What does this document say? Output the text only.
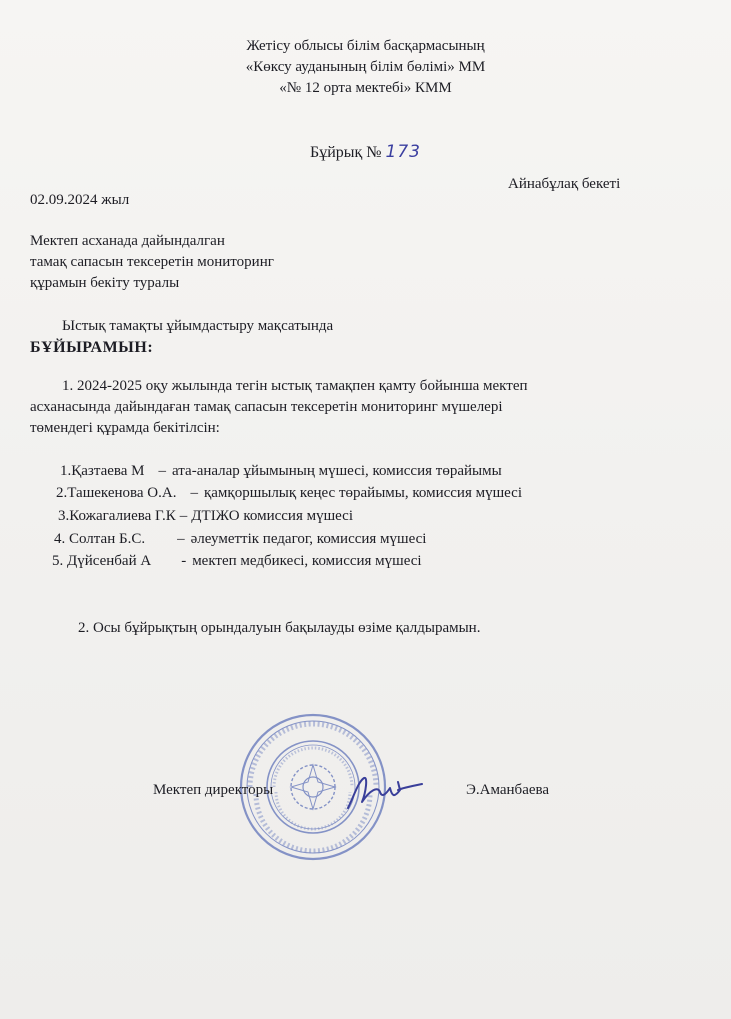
Жетісу облысы білім басқармасының
«Көксу ауданының білім бөлімі» ММ
«№ 12 орта мектебі» КММ
Бұйрық № 173
02.09.2024 жыл
Айнабұлақ бекеті
Мектеп асханада дайындалган
тамақ сапасын тексеретін мониторинг
құрамын бекіту туралы
Ыстық тамақты ұйымдастыру мақсатында
БҰЙЫРАМЫН:
1. 2024-2025 оқу жылында тегін ыстық тамақпен қамту бойынша мектеп
асханасында дайындаған тамақ сапасын тексеретін мониторинг мүшелері
төмендегі құрамда бекітілсін:
1.Қазтаева М – ата-аналар ұйымының мүшесі, комиссия төрайымы
2.Ташекенова О.А. – қамқоршылық кеңес төрайымы, комиссия мүшесі
3.Кожагалиева Г.К – ДТІЖО комиссия мүшесі
4. Солтан Б.С. – әлеуметтік педагог, комиссия мүшесі
5. Дүйсенбай А - мектеп медбикесі, комиссия мүшесі
2. Осы бұйрықтың орындалуын бақылауды өзіме қалдырамын.
Мектеп директоры	Э.Аманбаева
